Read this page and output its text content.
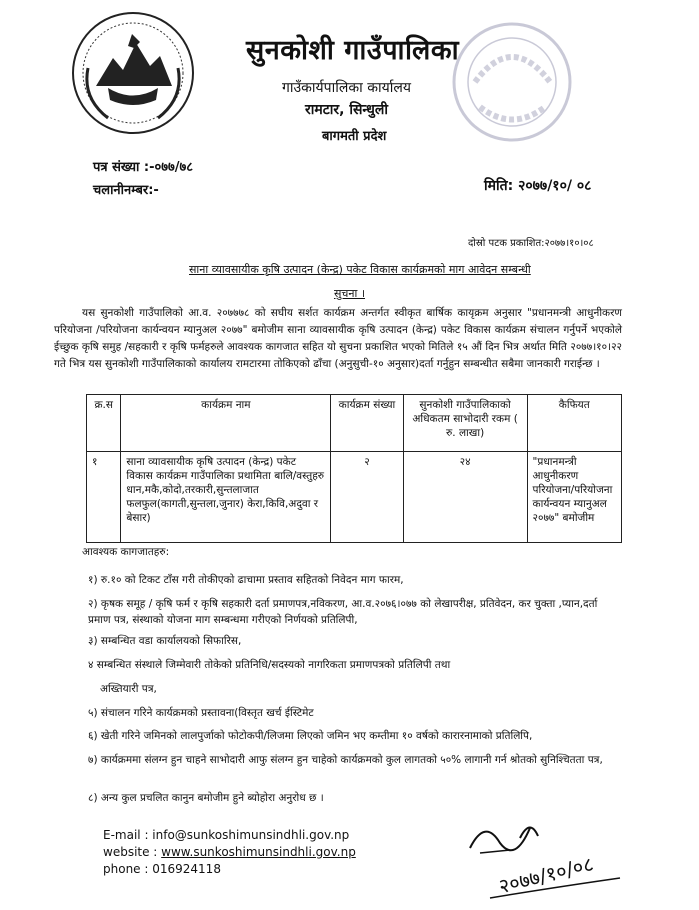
सुनकोशी गाउँपालिका
गाउँकार्यपालिका कार्यालय
रामटार, सिन्धुली
बागमती प्रदेश
पत्र संख्या :-०७७/७८
चलानीनम्बर:-	मिति: २०७७/१०/ ०८
दोस्रो पटक प्रकाशित:२०७७।१०।०८
साना व्यावसायीक कृषि उत्पादन (केन्द्र) पकेट विकास कार्यक्रमको माग आवेदन सम्बन्धी
सुचना ।
यस सुनकोशी गाउँपालिको आ.व. २०७७७८ को सघीय सर्शत कार्यक्रम अन्तर्गत स्वीकृत बार्षिक कायृक्रम अनुसार "प्रधानमन्त्री आधुनीकरण परियोजना /परियोजना कार्यन्वयन म्यानुअल २०७७" बमोजीम साना व्यावसायीक कृषि उत्पादन (केन्द्र) पकेट विकास कार्यक्रम संचालन गर्नुपर्ने भएकोले ईच्छुक कृषि समुह /सहकारी र कृषि फर्महरुले आवश्यक कागजात सहित यो सुचना प्रकाशित भएको मितिले १५ औं दिन भित्र अर्थात मिति २०७७।१०।२२ गते भित्र यस सुनकोशी गाउँपालिकाको कार्यालय रामटारमा तोकिएको ढाँचा (अनुसुची-१० अनुसार)दर्ता गर्नुहुन सम्बन्धीत सबैमा जानकारी गराईन्छ ।
क्र.स	कार्यक्रम नाम	कार्यक्रम संख्या	सुनकोशी गाउँपालिकाको अधिकतम साभोदारी रकम ( रु. लाखा)	कैफियत
१	साना व्यावसायीक कृषि उत्पादन (केन्द्र) पकेट विकास कार्यक्रम गाउँपालिका प्रथामिता बालि/वस्तुहरु धान,मकै,कोदो,तरकारी,सुन्तलाजात फलफुल(कागती,सुन्तला,जुनार) केरा,किवि,अदुवा र बेसार)	२	२४	"प्रधानमन्त्री आधुनीकरण परियोजना/परियोजना कार्यन्वयन म्यानुअल २०७७" बमोजीम
आवश्यक कागजातहरु:
१) रु.१० को टिकट टाँस गरी तोकीएको ढाचामा प्रस्ताव सहितको निवेदन माग फारम,
२) कृषक समूह / कृषि फर्म र कृषि सहकारी दर्ता प्रमाणपत्र,नविकरण, आ.व.२०७६।०७७ को लेखापरीक्ष, प्रतिवेदन, कर चुक्ता ,प्यान,दर्ता प्रमाण पत्र, संस्थाको योजना माग सम्बन्धमा गरीएको निर्णयको प्रतिलिपी,
३) सम्बन्धित वडा कार्यालयको सिफारिस,
४ सम्बन्धित संस्थाले जिम्मेवारी तोकेको प्रतिनिधि/सदस्यको नागरिकता प्रमाणपत्रको प्रतिलिपी तथा
अख्तियारी पत्र,
५) संचालन गरिने कार्यक्रमको प्रस्तावना(विस्तृत खर्च ईस्टिमेट
६) खेती गरिने जमिनको लालपुर्जाको फोटोकपी/लिजमा लिएको जमिन भए कम्तीमा १० वर्षको कारारनामाको प्रतिलिपि,
७) कार्यक्रममा संलग्न हुन चाहने साभोदारी आफु संलग्न हुन चाहेको कार्यक्रमको कुल लागतको ५०% लागानी गर्न श्रोतको सुनिश्चितता पत्र,
८) अन्य कुल प्रचलित कानुन बमोजीम हुने ब्योहोरा अनुरोध छ ।
E-mail : info@sunkoshimunsindhli.gov.np
website : www.sunkoshimunsindhli.gov.np
phone : 016924118	२०७७/१०/०८
